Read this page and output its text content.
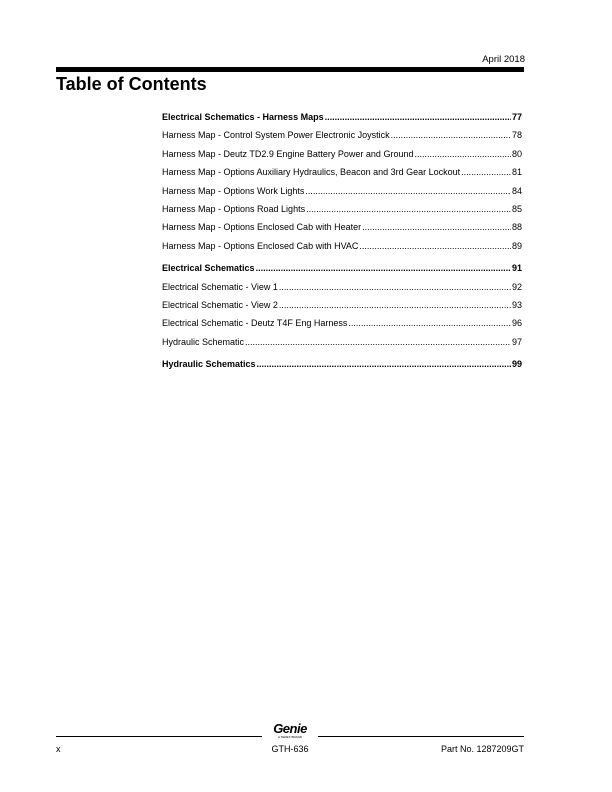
April 2018
Table of Contents
Electrical Schematics - Harness Maps .....	77
Harness Map - Control System Power Electronic Joystick .....	78
Harness Map - Deutz TD2.9 Engine Battery Power and Ground .....	80
Harness Map - Options Auxiliary Hydraulics, Beacon and 3rd Gear Lockout .....	81
Harness Map - Options Work Lights .....	84
Harness Map - Options Road Lights .....	85
Harness Map - Options Enclosed Cab with Heater .....	88
Harness Map - Options Enclosed Cab with HVAC .....	89
Electrical Schematics .....	91
Electrical Schematic - View 1 .....	92
Electrical Schematic - View 2 .....	93
Electrical Schematic - Deutz T4F Eng Harness .....	96
Hydraulic Schematic .....	97
Hydraulic Schematics .....	99
Genie
A TEREX BRAND
GTH-636
x	Part No. 1287209GT
